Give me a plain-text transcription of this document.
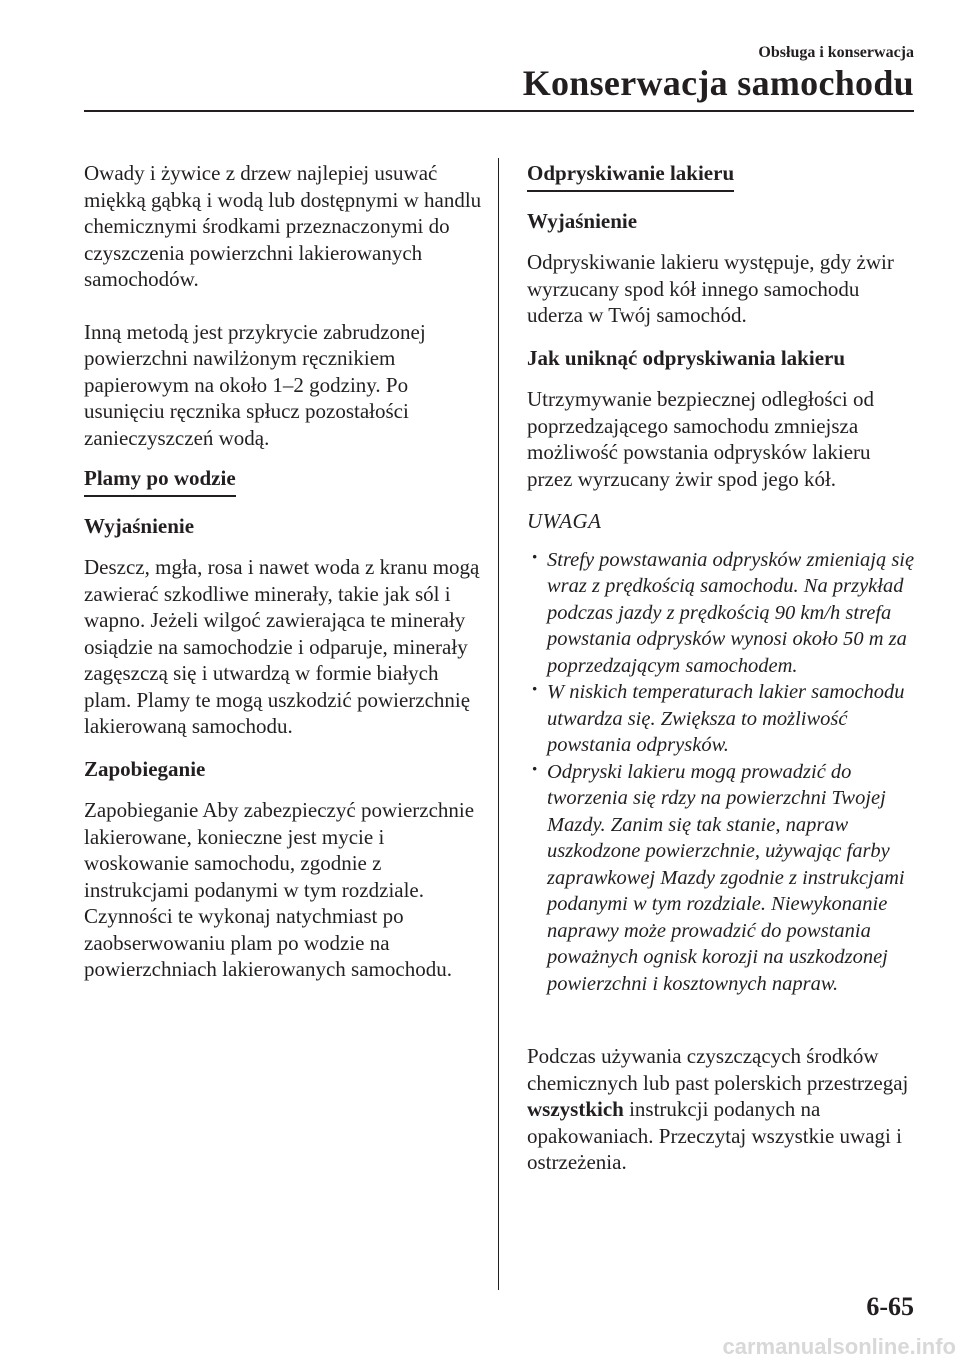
Obsługa i konserwacja
Konserwacja samochodu

Owady i żywice z drzew najlepiej usuwać miękką gąbką i wodą lub dostępnymi w handlu chemicznymi środkami przeznaczonymi do czyszczenia powierzchni lakierowanych samochodów.

Inną metodą jest przykrycie zabrudzonej powierzchni nawilżonym ręcznikiem papierowym na około 1–2 godziny. Po usunięciu ręcznika spłucz pozostałości zanieczyszczeń wodą.

Plamy po wodzie

Wyjaśnienie

Deszcz, mgła, rosa i nawet woda z kranu mogą zawierać szkodliwe minerały, takie jak sól i wapno. Jeżeli wilgoć zawierająca te minerały osiądzie na samochodzie i odparuje, minerały zagęszczą się i utwardzą w formie białych plam. Plamy te mogą uszkodzić powierzchnię lakierowaną samochodu.

Zapobieganie

Zapobieganie Aby zabezpieczyć powierzchnie lakierowane, konieczne jest mycie i woskowanie samochodu, zgodnie z instrukcjami podanymi w tym rozdziale. Czynności te wykonaj natychmiast po zaobserwowaniu plam po wodzie na powierzchniach lakierowanych samochodu.

Odpryskiwanie lakieru

Wyjaśnienie

Odpryskiwanie lakieru występuje, gdy żwir wyrzucany spod kół innego samochodu uderza w Twój samochód.

Jak uniknąć odpryskiwania lakieru

Utrzymywanie bezpiecznej odległości od poprzedzającego samochodu zmniejsza możliwość powstania odprysków lakieru przez wyrzucany żwir spod jego kół.

UWAGA

· Strefy powstawania odprysków zmieniają się wraz z prędkością samochodu. Na przykład podczas jazdy z prędkością 90 km/h strefa powstania odprysków wynosi około 50 m za poprzedzającym samochodem.
· W niskich temperaturach lakier samochodu utwardza się. Zwiększa to możliwość powstania odprysków.
· Odpryski lakieru mogą prowadzić do tworzenia się rdzy na powierzchni Twojej Mazdy. Zanim się tak stanie, napraw uszkodzone powierzchnie, używając farby zaprawkowej Mazdy zgodnie z instrukcjami podanymi w tym rozdziale. Niewykonanie naprawy może prowadzić do powstania poważnych ognisk korozji na uszkodzonej powierzchni i kosztownych napraw.

Podczas używania czyszczących środków chemicznych lub past polerskich przestrzegaj wszystkich instrukcji podanych na opakowaniach. Przeczytaj wszystkie uwagi i ostrzeżenia.

6-65
carmanualsonline.info
